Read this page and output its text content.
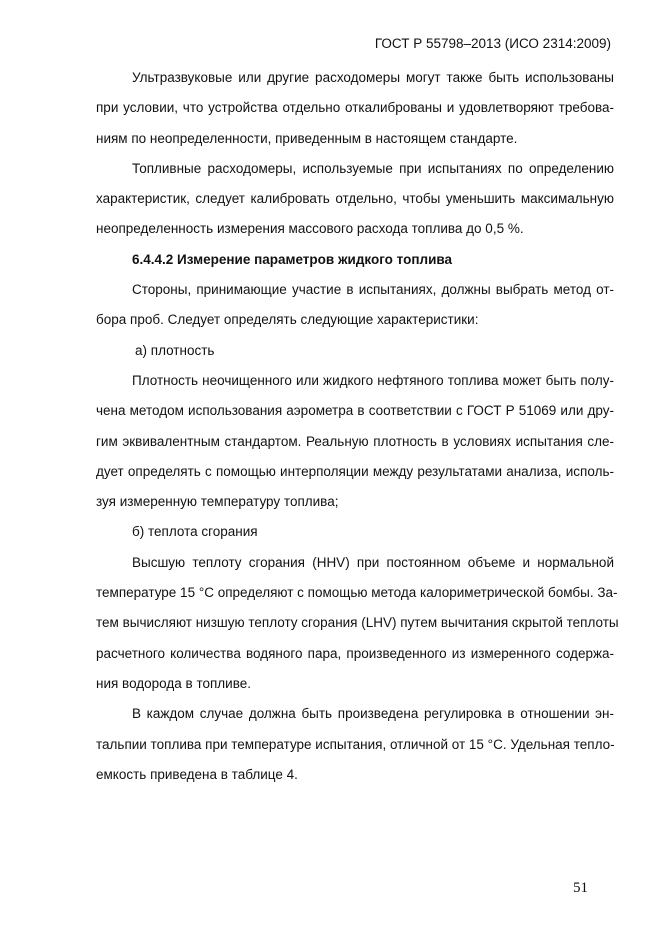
ГОСТ Р 55798–2013 (ИСО 2314:2009)

Ультразвуковые или другие расходомеры могут также быть использованы
при условии, что устройства отдельно откалиброваны и удовлетворяют требова-
ниям по неопределенности, приведенным в настоящем стандарте.

Топливные расходомеры, используемые при испытаниях по определению
характеристик, следует калибровать отдельно, чтобы уменьшить максимальную
неопределенность измерения массового расхода топлива до 0,5 %.

6.4.4.2 Измерение параметров жидкого топлива

Стороны, принимающие участие в испытаниях, должны выбрать метод от-
бора проб. Следует определять следующие характеристики:

а) плотность

Плотность неочищенного или жидкого нефтяного топлива может быть полу-
чена методом использования аэрометра в соответствии с ГОСТ Р 51069 или дру-
гим эквивалентным стандартом. Реальную плотность в условиях испытания сле-
дует определять с помощью интерполяции между результатами анализа, исполь-
зуя измеренную температуру топлива;

б) теплота сгорания

Высшую теплоту сгорания (HHV) при постоянном объеме и нормальной
температуре 15 °С определяют с помощью метода калориметрической бомбы. За-
тем вычисляют низшую теплоту сгорания (LHV) путем вычитания скрытой теплоты
расчетного количества водяного пара, произведенного из измеренного содержа-
ния водорода в топливе.

В каждом случае должна быть произведена регулировка в отношении эн-
тальпии топлива при температуре испытания, отличной от 15 °С. Удельная тепло-
емкость приведена в таблице 4.

51
